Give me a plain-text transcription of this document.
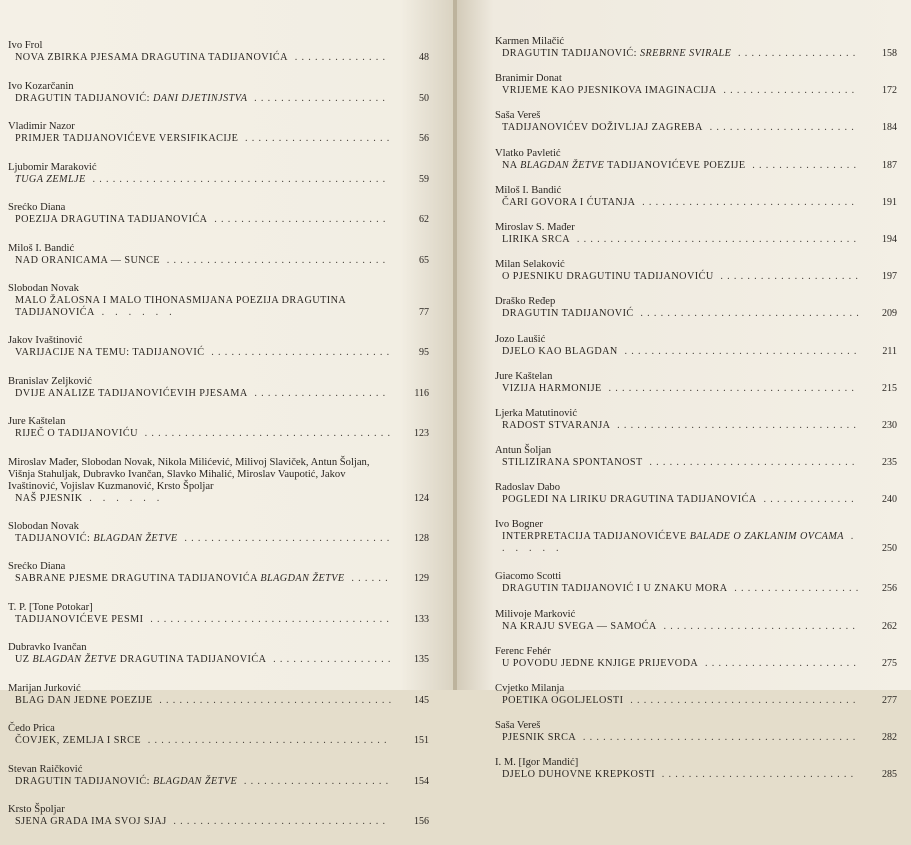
Ivo Frol
NOVA ZBIRKA PJESAMA DRAGUTINA TADIJANOVIĆA ..............	48
Ivo Kozarčanin
DRAGUTIN TADIJANOVIĆ: DANI DJETINJSTVA ....................	50
Vladimir Nazor
PRIMJER TADIJANOVIĆEVE VERSIFIKACIJE ......................	56
Ljubomir Maraković
TUGA ZEMLJE ............................................	59
Srećko Diana
POEZIJA DRAGUTINA TADIJANOVIĆA ..........................	62
Miloš I. Bandić
NAD ORANICAMA — SUNCE .................................	65
Slobodan Novak
MALO ŽALOSNA I MALO TIHONASMIJANA POEZIJA DRAGUTINA TADIJANOVIĆA . . . . . .	77
Jakov Ivaštinović
VARIJACIJE NA TEMU: TADIJANOVIĆ ...........................	95
Branislav Zeljković
DVIJE ANALIZE TADIJANOVIĆEVIH PJESAMA ....................	116
Jure Kaštelan
RIJEČ O TADIJANOVIĆU .....................................	123
Miroslav Mađer, Slobodan Novak, Nikola Milićević, Milivoj Slaviček, Antun Šoljan, Višnja Stahuljak, Dubravko Ivančan, Slavko Mihalić, Miroslav Vaupotić, Jakov Ivaštinović, Vojislav Kuzmanović, Krsto Špoljar
NAŠ PJESNIK . . . . . .	124
Slobodan Novak
TADIJANOVIĆ: BLAGDAN ŽETVE ...............................	128
Srećko Diana
SABRANE PJESME DRAGUTINA TADIJANOVIĆA BLAGDAN ŽETVE ......	129
T. P. [Tone Potokar]
TADIJANOVIĆEVE PESMI ....................................	133
Dubravko Ivančan
UZ BLAGDAN ŽETVE DRAGUTINA TADIJANOVIĆA ..................	135
Marijan Jurković
BLAG DAN JEDNE POEZIJE ...................................	145
Čedo Prica
ČOVJEK, ZEMLJA I SRCE ....................................	151
Stevan Raičković
DRAGUTIN TADIJANOVIĆ: BLAGDAN ŽETVE ......................	154
Krsto Špoljar
SJENA GRADA IMA SVOJ SJAJ ................................	156
Karmen Milačić
DRAGUTIN TADIJANOVIĆ: SREBRNE SVIRALE ..................	158
Branimir Donat
VRIJEME KAO PJESNIKOVA IMAGINACIJA ....................	172
Saša Vereš
TADIJANOVIĆEV DOŽIVLJAJ ZAGREBA ......................	184
Vlatko Pavletić
NA BLAGDAN ŽETVE TADIJANOVIĆEVE POEZIJE ................	187
Miloš I. Bandić
ČARI GOVORA I ĆUTANJA ................................	191
Miroslav S. Mađer
LIRIKA SRCA ..........................................	194
Milan Selaković
O PJESNIKU DRAGUTINU TADIJANOVIĆU .....................	197
Draško Ređep
DRAGUTIN TADIJANOVIĆ .................................	209
Jozo Laušić
DJELO KAO BLAGDAN ...................................	211
Jure Kaštelan
VIZIJA HARMONIJE .....................................	215
Ljerka Matutinović
RADOST STVARANJA ....................................	230
Antun Šoljan
STILIZIRANA SPONTANOST ...............................	235
Radoslav Dabo
POGLEDI NA LIRIKU DRAGUTINA TADIJANOVIĆA ..............	240
Ivo Bogner
INTERPRETACIJA TADIJANOVIĆEVE BALADE O ZAKLANIM OVCAMA . . . . . .	250
Giacomo Scotti
DRAGUTIN TADIJANOVIĆ I U ZNAKU MORA ...................	256
Milivoje Marković
NA KRAJU SVEGA — SAMOĆA .............................	262
Ferenc Fehér
U POVODU JEDNE KNJIGE PRIJEVODA .......................	275
Cvjetko Milanja
POETIKA OGOLJELOSTI ..................................	277
Saša Vereš
PJESNIK SRCA .........................................	282
I. M. [Igor Mandić]
DJELO DUHOVNE KREPKOSTI .............................	285
